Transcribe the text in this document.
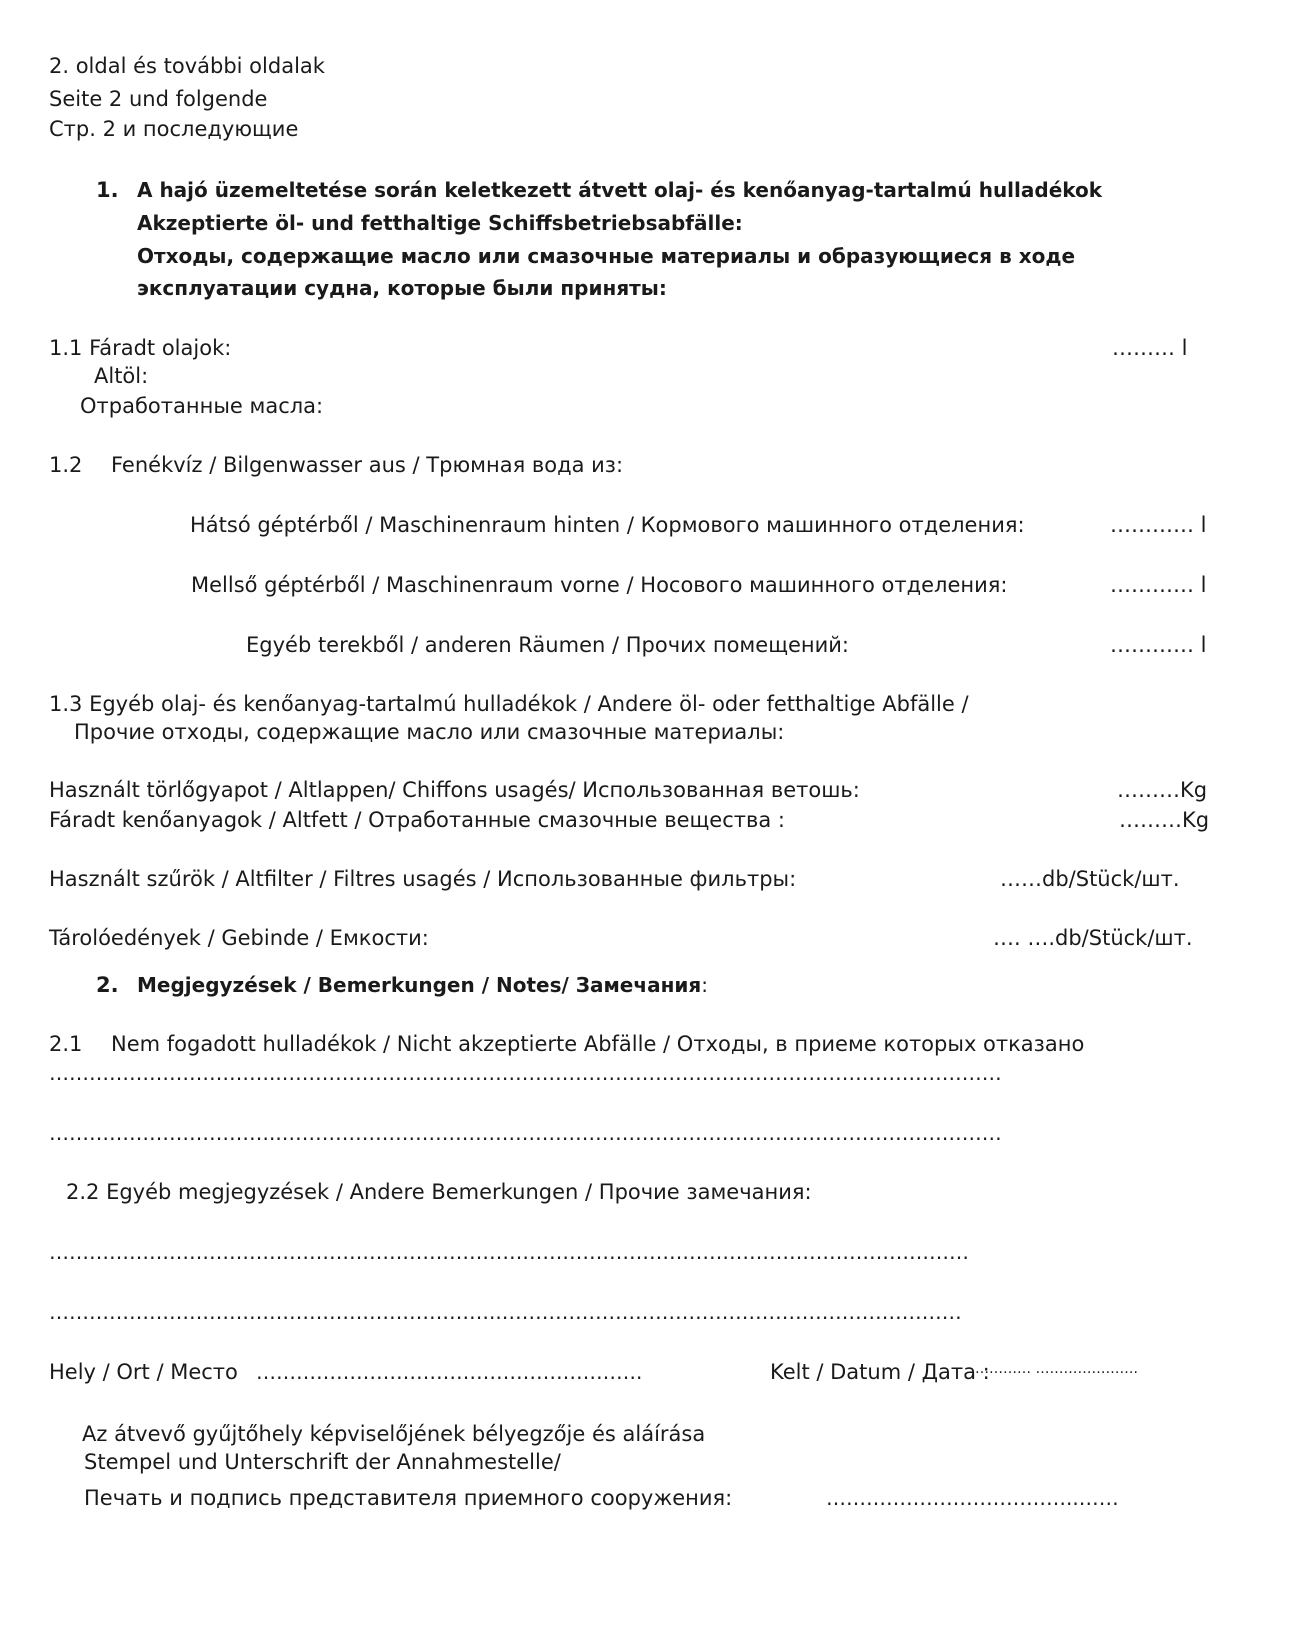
2. oldal és további oldalak
Seite 2 und folgende
Стр. 2 и последующие
1. A hajó üzemeltetése során keletkezett átvett olaj- és kenőanyag-tartalmú hulladékok
Akzeptierte öl- und fetthaltige Schiffsbetriebsabfälle:
Отходы, содержащие масло или смазочные материалы и образующиеся в ходе
эксплуатации судна, которые были приняты:
1.1 Fáradt olajok:
Altöl:
Отработанные масла:
……… l
1.2 Fenékvíz / Bilgenwasser aus / Трюмная вода из:
Hátsó géptérből / Maschinenraum hinten / Кормового машинного отделения:	………… l
Mellső géptérből / Maschinenraum vorne / Носового машинного отделения:	………… l
Egyéb terekből / anderen Räumen / Прочих помещений:	………… l
1.3 Egyéb olaj- és kenőanyag-tartalmú hulladékok / Andere öl- oder fetthaltige Abfälle /
Прочие отходы, содержащие масло или смазочные материалы:
Használt törlőgyapot / Altlappen/ Chiffons usagés/ Использованная ветошь:	………Kg
Fáradt kenőanyagok / Altfett / Отработанные смазочные вещества :	………Kg
Használt szűrök / Altfilter / Filtres usagés / Использованные фильтры:	……db/Stück/шт.
Tárolóedények / Gebinde / Емкости:	…. ….db/Stück/шт.
2. Megjegyzések / Bemerkungen / Notes/ Замечания:
2.1 Nem fogadott hulladékok / Nicht akzeptierte Abfälle / Отходы, в приеме которых отказано
……………………………..………………………………………………………………………………………………
……………………………..………………………………………………………………………………………………
2.2 Egyéb megjegyzések / Andere Bemerkungen / Прочие замечания:
…………………………………………………………………………………………………………………………
…………………………………………………………..……………………………………………………………
Hely / Ort / Место ………………………………………………….	Kelt / Datum / Дата :
………… ………………….
Az átvevő gyűjtőhely képviselőjének bélyegzője és aláírása
Stempel und Unterschrift der Annahmestelle/
Печать и подпись представителя приемного сооружения:	………………………………..……
